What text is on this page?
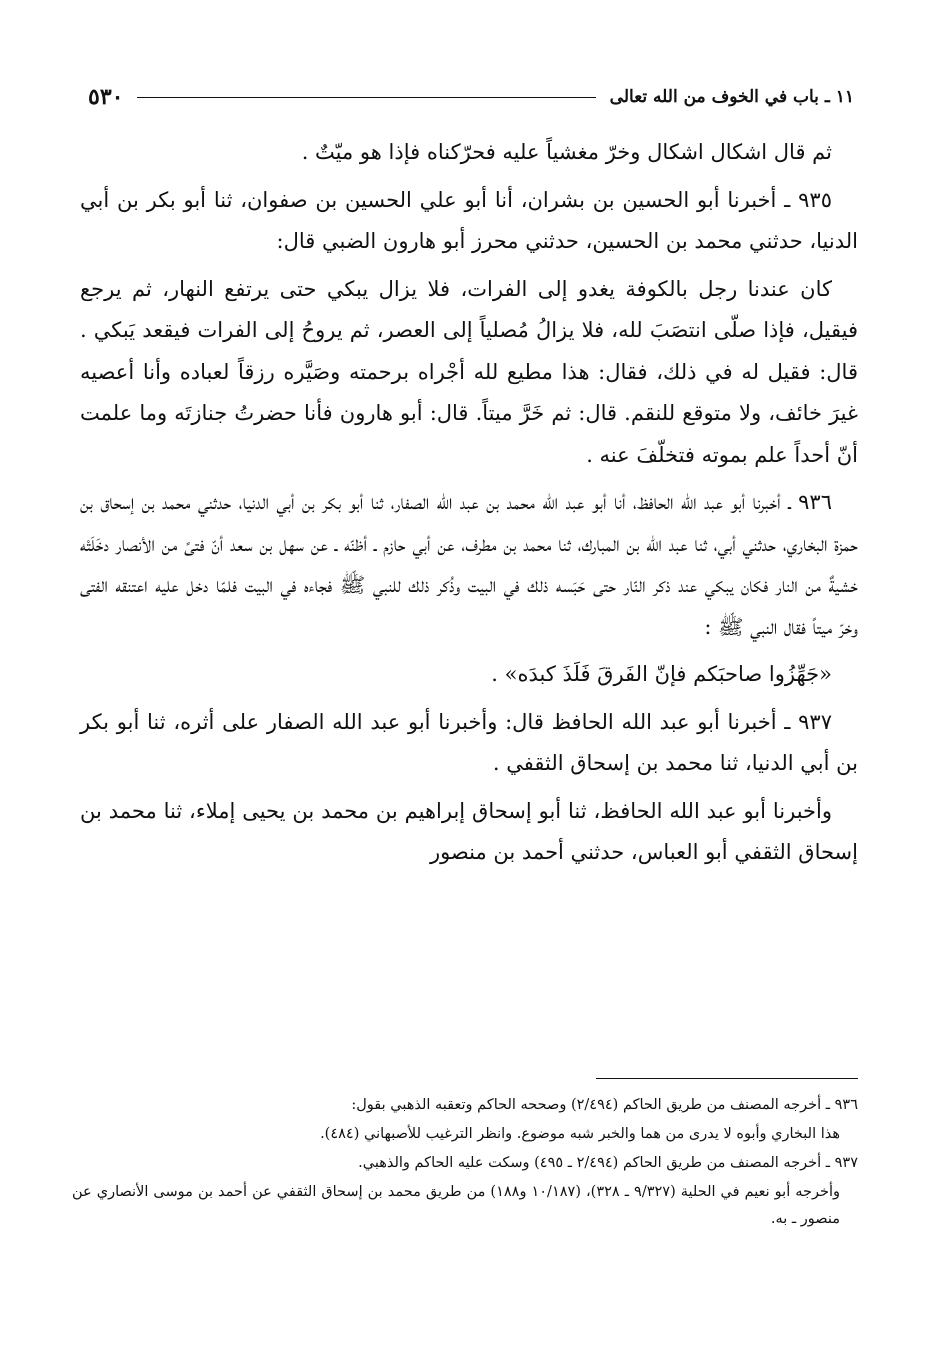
١١ ـ باب في الخوف من الله تعالى
٥٣٠

ثم قال اشكال اشكال وخرّ مغشياً عليه فحرّكناه فإذا هو ميّتٌ .

٩٣٥ ـ أخبرنا أبو الحسين بن بشران، أنا أبو علي الحسين بن صفوان، ثنا أبو بكر بن أبي الدنيا، حدثني محمد بن الحسين، حدثني محرز أبو هارون الضبي قال:

كان عندنا رجل بالكوفة يغدو إلى الفرات، فلا يزال يبكي حتى يرتفع النهار، ثم يرجع فيقيل، فإذا صلّى انتصَبَ لله، فلا يزالُ مُصلياً إلى العصر، ثم يروحُ إلى الفرات فيقعد يَبكي . قال: فقيل له في ذلك، فقال: هذا مطيع لله أجْراه برحمته وصَيَّره رزقاً لعباده وأنا أعصيه غيرَ خائف، ولا متوقع للنقم. قال: ثم خَرَّ ميتاً. قال: أبو هارون فأنا حضرتُ جنازتَه وما علمت أنّ أحداً علم بموته فتخلّفَ عنه .

٩٣٦ ـ أخبرنا أبو عبد الله الحافظ، أنا أبو عبد الله محمد بن عبد الله الصفار، ثنا أبو بكر بن أبي الدنيا، حدثني محمد بن إسحاق بن حمزة البخاري، حدثني أبي، ثنا عبد الله بن المبارك، ثنا محمد بن مطرف، عن أبي حازم ـ أظنّه ـ عن سهل بن سعد أنّ فتىً من الأنصار دخَلَتْه خشيةٌ من النار فكان يبكي عند ذكر النّار حتى حَبَسه ذلك في البيت وذُكر ذلك للنبي ﷺ فجاءه في البيت فلمّا دخل عليه اعتنقه الفتى وخرّ ميتاً فقال النبي ﷺ :

«جَهِّزُوا صاحبَكم فإنّ الفَرقَ فَلَذَ كبدَه» .

٩٣٧ ـ أخبرنا أبو عبد الله الحافظ قال: وأخبرنا أبو عبد الله الصفار على أثره، ثنا أبو بكر بن أبي الدنيا، ثنا محمد بن إسحاق الثقفي .

وأخبرنا أبو عبد الله الحافظ، ثنا أبو إسحاق إبراهيم بن محمد بن يحيى إملاء، ثنا محمد بن إسحاق الثقفي أبو العباس، حدثني أحمد بن منصور

٩٣٦ ـ أخرجه المصنف من طريق الحاكم (٢/٤٩٤) وصححه الحاكم وتعقبه الذهبي بقول:

هذا البخاري وأبوه لا يدرى من هما والخبر شبه موضوع. وانظر الترغيب للأصبهاني (٤٨٤).

٩٣٧ ـ أخرجه المصنف من طريق الحاكم (٢/٤٩٤ ـ ٤٩٥) وسكت عليه الحاكم والذهبي.

وأخرجه أبو نعيم في الحلية (٩/٣٢٧ ـ ٣٢٨)، (١٠/١٨٧ و١٨٨) من طريق محمد بن إسحاق الثقفي عن أحمد بن موسى الأنصاري عن منصور ـ به.
